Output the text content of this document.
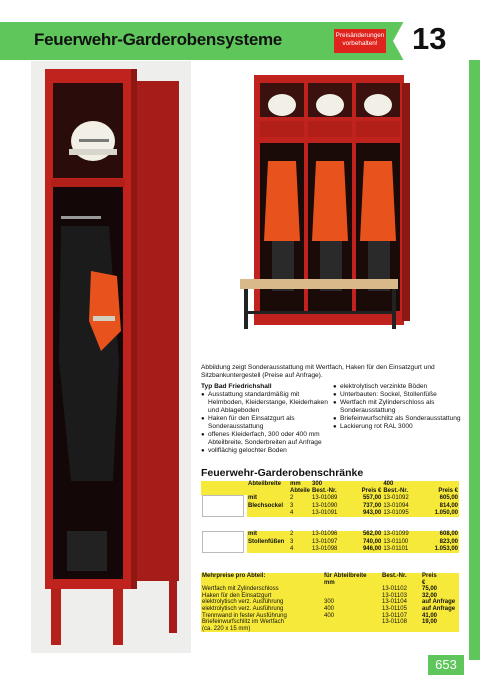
Feuerwehr-Garderobensysteme	Preisänderungen
vorbehalten! 13
Abbildung zeigt Sonderausstattung mit Wertfach, Haken für den Einsatzgurt und Sitzbankuntergestell (Preise auf Anfrage).
Typ Bad Friedrichshall
● Ausstattung standardmäßig mit Helmboden, Kleiderstange, Kleiderhaken und Ablageboden
● Haken für den Einsatzgurt als Sonderausstattung
● offenes Kleiderfach, 300 oder 400 mm Abteilbreite, Sonderbreiten auf Anfrage
● vollflächig gelochter Boden
● elektrolytisch verzinkte Böden
● Unterbauten: Sockel, Stollenfüße
● Wertfach mit Zylinderschloss als Sonderausstattung
● Briefeinwurfschlitz als Sonderausstattung
● Lackierung rot RAL 3000
Feuerwehr-Garderobenschränke
	Abteilbreite	mm	300		400	
		Abteile	Best.-Nr.	Preis €	Best.-Nr.	Preis €

	mit	2	13-01089	557,00	13-01092	605,00
	Blechsockel	3	13-01090	737,00	13-01094	814,00
		4	13-01091	943,00	13-01095	1.050,00

	mit	2	13-01096	562,00	13-01099	608,00
	Stollenfüßen	3	13-01097	740,00	13-01100	823,00
		4	13-01098	946,00	13-01101	1.053,00
Mehrpreise pro Abteil:	für Abteilbreite	Best.-Nr.	Preis
	mm		€
Wertfach mit Zylinderschloss		13-01102	75,00
Haken für den Einsatzgurt		13-01103	32,00
elektrolytisch verz. Ausführung	300	13-01104	auf Anfrage
elektrolytisch verz. Ausführung	400	13-01105	auf Anfrage
Trennwand in fester Ausführung	400	13-01107	41,00
Briefeinwurfschlitz im Wertfach		13-01108	19,00
(ca. 220 x 15 mm)			
653
